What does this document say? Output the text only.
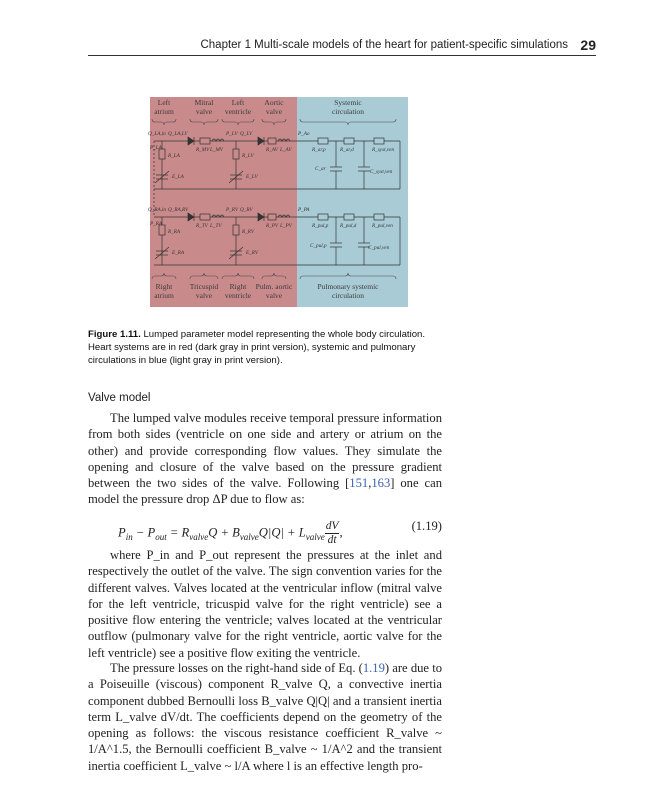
Chapter 1 Multi-scale models of the heart for patient-specific simulations 29
Left
atrium
Mitral
valve
Left
ventricle
Aortic
valve
Systemic
circulation
Q_LA,in Q_LA,LV	P_LV Q_LV	P_Ao
P_LA	R_MV L_MV	R_AV L_AV	R_ar,p	R_ar,d	R_syst,ven
R_LA	R_LV
E_LA	E_LV
C_ar	C_syst,ven
Q_RA,in Q_RA,RV	P_RV Q_RV	P_PA
P_RA	R_TV L_TV	R_PV L_PV	R_pul,p R_pul,d	R_pul,ven
R_RA	R_RV
E_RA	E_RV
C_pul,p	C_pul,ven
Right
atrium
Tricuspid
valve
Right
ventricle
Pulm. aortic
valve
Pulmonary systemic
circulation
Figure 1.11. Lumped parameter model representing the whole body circulation. Heart systems are in red (dark gray in print version), systemic and pulmonary circulations in blue (light gray in print version).
Valve model
The lumped valve modules receive temporal pressure information from both sides (ventricle on one side and artery or atrium on the other) and provide corresponding flow values. They simulate the opening and closure of the valve based on the pressure gradient between the two sides of the valve. Following [151,163] one can model the pressure drop ΔP due to flow as:
$P_{in} - P_{out} = R_{valve}Q + B_{valve}Q|Q| + L_{valve} \frac{dV}{dt}$ ,	(1.19)
where P_in and P_out represent the pressures at the inlet and respectively the outlet of the valve. The sign convention varies for the different valves. Valves located at the ventricular inflow (mitral valve for the left ventricle, tricuspid valve for the right ventricle) see a positive flow entering the ventricle; valves located at the ventricular outflow (pulmonary valve for the right ventricle, aortic valve for the left ventricle) see a positive flow exiting the ventricle.
The pressure losses on the right-hand side of Eq. (1.19) are due to a Poiseuille (viscous) component R_valve Q, a convective inertia component dubbed Bernoulli loss B_valve Q|Q| and a transient inertia term L_valve dV/dt. The coefficients depend on the geometry of the opening as follows: the viscous resistance coefficient R_valve ~ 1/A^1.5, the Bernoulli coefficient B_valve ~ 1/A^2 and the transient inertia coefficient L_valve ~ l/A where l is an effective length pro-
